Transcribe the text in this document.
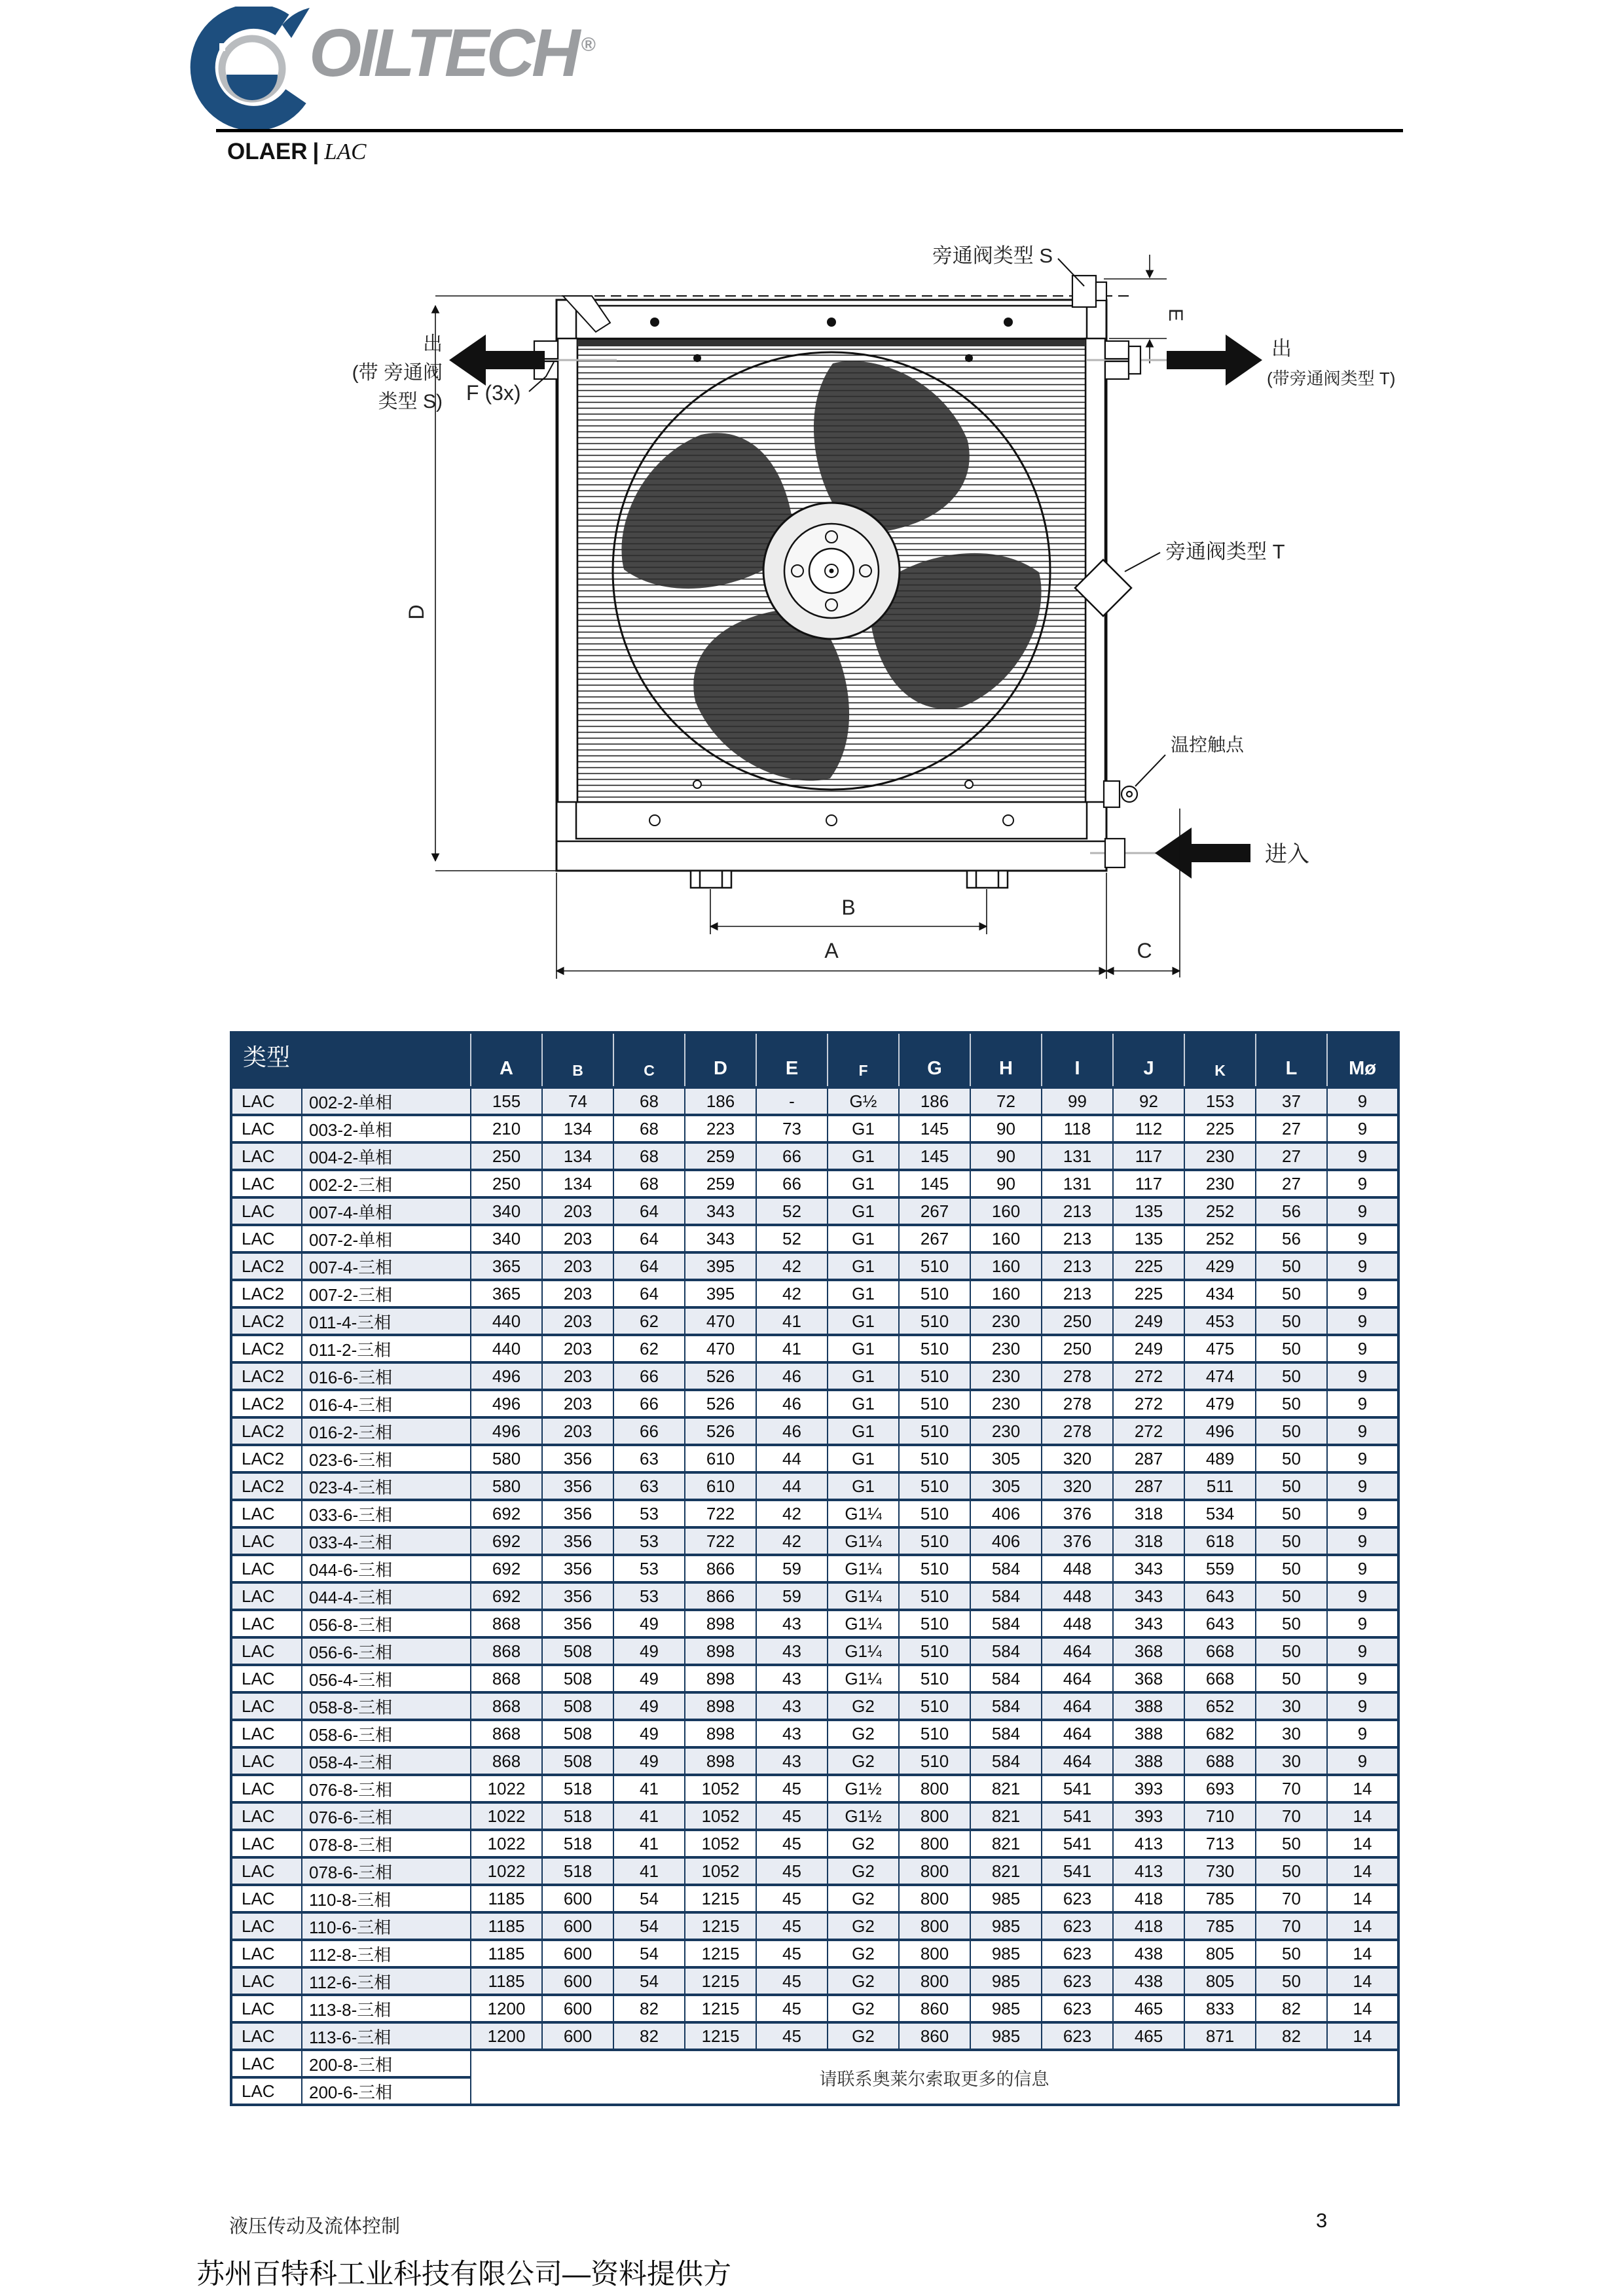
OILTECH ®
OLAER | LAC
旁通阀类型 S
E
出
(带 旁通阀
类型 S) F (3x)
出
(带旁通阀类型 T)
旁通阀类型 T
温控触点
进入
B
A	C
D
类型		A	B	C	D	E	F	G	H	I	J	K	L	Mø
LAC	002-2-单相	155	74	68	186	-	G½	186	72	99	92	153	37	9
LAC	003-2-单相	210	134	68	223	73	G1	145	90	118	112	225	27	9
LAC	004-2-单相	250	134	68	259	66	G1	145	90	131	117	230	27	9
LAC	002-2-三相	250	134	68	259	66	G1	145	90	131	117	230	27	9
LAC	007-4-单相	340	203	64	343	52	G1	267	160	213	135	252	56	9
LAC	007-2-单相	340	203	64	343	52	G1	267	160	213	135	252	56	9
LAC2	007-4-三相	365	203	64	395	42	G1	510	160	213	225	429	50	9
LAC2	007-2-三相	365	203	64	395	42	G1	510	160	213	225	434	50	9
LAC2	011-4-三相	440	203	62	470	41	G1	510	230	250	249	453	50	9
LAC2	011-2-三相	440	203	62	470	41	G1	510	230	250	249	475	50	9
LAC2	016-6-三相	496	203	66	526	46	G1	510	230	278	272	474	50	9
LAC2	016-4-三相	496	203	66	526	46	G1	510	230	278	272	479	50	9
LAC2	016-2-三相	496	203	66	526	46	G1	510	230	278	272	496	50	9
LAC2	023-6-三相	580	356	63	610	44	G1	510	305	320	287	489	50	9
LAC2	023-4-三相	580	356	63	610	44	G1	510	305	320	287	511	50	9
LAC	033-6-三相	692	356	53	722	42	G1¼	510	406	376	318	534	50	9
LAC	033-4-三相	692	356	53	722	42	G1¼	510	406	376	318	618	50	9
LAC	044-6-三相	692	356	53	866	59	G1¼	510	584	448	343	559	50	9
LAC	044-4-三相	692	356	53	866	59	G1¼	510	584	448	343	643	50	9
LAC	056-8-三相	868	356	49	898	43	G1¼	510	584	448	343	643	50	9
LAC	056-6-三相	868	508	49	898	43	G1¼	510	584	464	368	668	50	9
LAC	056-4-三相	868	508	49	898	43	G1¼	510	584	464	368	668	50	9
LAC	058-8-三相	868	508	49	898	43	G2	510	584	464	388	652	30	9
LAC	058-6-三相	868	508	49	898	43	G2	510	584	464	388	682	30	9
LAC	058-4-三相	868	508	49	898	43	G2	510	584	464	388	688	30	9
LAC	076-8-三相	1022	518	41	1052	45	G1½	800	821	541	393	693	70	14
LAC	076-6-三相	1022	518	41	1052	45	G1½	800	821	541	393	710	70	14
LAC	078-8-三相	1022	518	41	1052	45	G2	800	821	541	413	713	50	14
LAC	078-6-三相	1022	518	41	1052	45	G2	800	821	541	413	730	50	14
LAC	110-8-三相	1185	600	54	1215	45	G2	800	985	623	418	785	70	14
LAC	110-6-三相	1185	600	54	1215	45	G2	800	985	623	418	785	70	14
LAC	112-8-三相	1185	600	54	1215	45	G2	800	985	623	438	805	50	14
LAC	112-6-三相	1185	600	54	1215	45	G2	800	985	623	438	805	50	14
LAC	113-8-三相	1200	600	82	1215	45	G2	860	985	623	465	833	82	14
LAC	113-6-三相	1200	600	82	1215	45	G2	860	985	623	465	871	82	14
LAC	200-8-三相	请联系奥莱尔索取更多的信息												
LAC	200-6-三相													
液压传动及流体控制	3
苏州百特科工业科技有限公司—资料提供方
